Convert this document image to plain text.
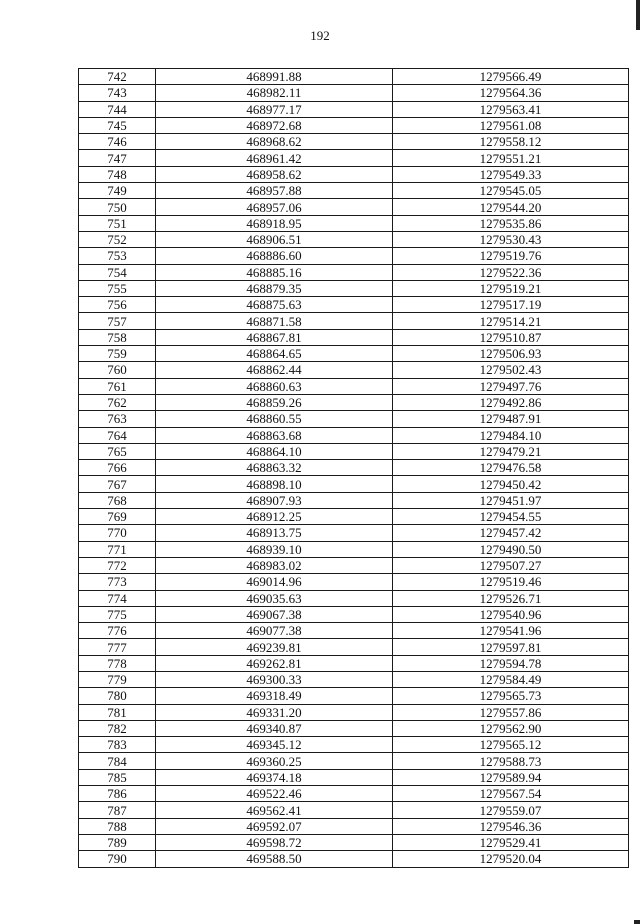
192
742	468991.88	1279566.49
743	468982.11	1279564.36
744	468977.17	1279563.41
745	468972.68	1279561.08
746	468968.62	1279558.12
747	468961.42	1279551.21
748	468958.62	1279549.33
749	468957.88	1279545.05
750	468957.06	1279544.20
751	468918.95	1279535.86
752	468906.51	1279530.43
753	468886.60	1279519.76
754	468885.16	1279522.36
755	468879.35	1279519.21
756	468875.63	1279517.19
757	468871.58	1279514.21
758	468867.81	1279510.87
759	468864.65	1279506.93
760	468862.44	1279502.43
761	468860.63	1279497.76
762	468859.26	1279492.86
763	468860.55	1279487.91
764	468863.68	1279484.10
765	468864.10	1279479.21
766	468863.32	1279476.58
767	468898.10	1279450.42
768	468907.93	1279451.97
769	468912.25	1279454.55
770	468913.75	1279457.42
771	468939.10	1279490.50
772	468983.02	1279507.27
773	469014.96	1279519.46
774	469035.63	1279526.71
775	469067.38	1279540.96
776	469077.38	1279541.96
777	469239.81	1279597.81
778	469262.81	1279594.78
779	469300.33	1279584.49
780	469318.49	1279565.73
781	469331.20	1279557.86
782	469340.87	1279562.90
783	469345.12	1279565.12
784	469360.25	1279588.73
785	469374.18	1279589.94
786	469522.46	1279567.54
787	469562.41	1279559.07
788	469592.07	1279546.36
789	469598.72	1279529.41
790	469588.50	1279520.04
